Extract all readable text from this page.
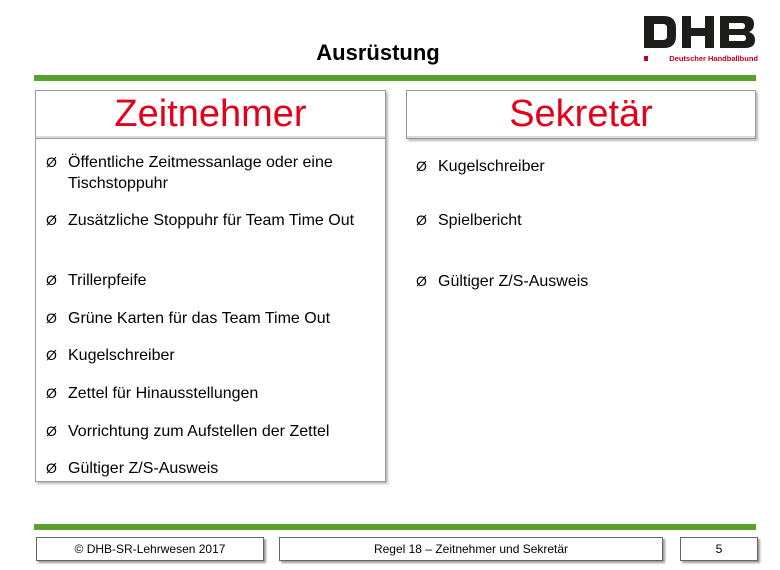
Ausrüstung	Deutscher Handballbund
Zeitnehmer
Ø Öffentliche Zeitmessanlage oder eine Tischstoppuhr
Ø Zusätzliche Stoppuhr für Team Time Out
Ø Trillerpfeife
Ø Grüne Karten für das Team Time Out
Ø Kugelschreiber
Ø Zettel für Hinausstellungen
Ø Vorrichtung zum Aufstellen der Zettel
Ø Gültiger Z/S-Ausweis
Sekretär
Ø Kugelschreiber
Ø Spielbericht
Ø Gültiger Z/S-Ausweis
© DHB-SR-Lehrwesen 2017	Regel 18 – Zeitnehmer und Sekretär	5
